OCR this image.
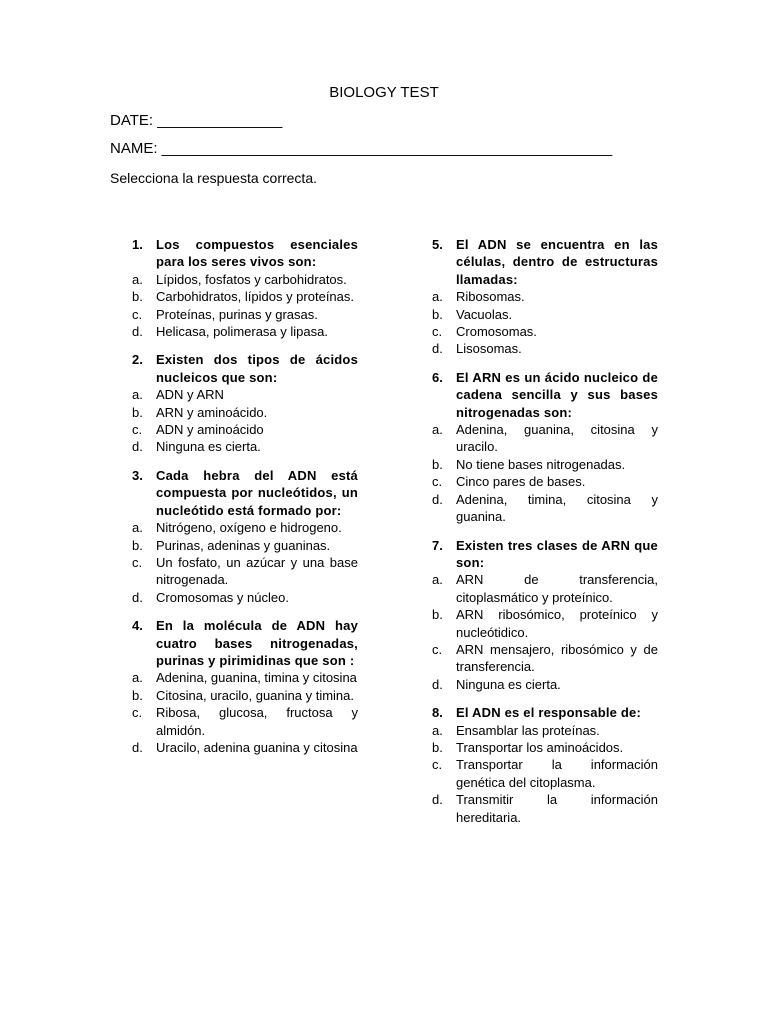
BIOLOGY TEST
DATE: _______________
NAME: ______________________________________________________
Selecciona la respuesta correcta.
1. Los compuestos esenciales para los seres vivos son:
a. Lípidos, fosfatos y carbohidratos.
b. Carbohidratos, lípidos y proteínas.
c. Proteínas, purinas y grasas.
d. Helicasa, polimerasa y lipasa.
2. Existen dos tipos de ácidos nucleicos que son:
a. ADN y ARN
b. ARN y aminoácido.
c. ADN y aminoácido
d. Ninguna es cierta.
3. Cada hebra del ADN está compuesta por nucleótidos, un nucleótido está formado por:
a. Nitrógeno, oxígeno e hidrogeno.
b. Purinas, adeninas y guaninas.
c. Un fosfato, un azúcar y una base nitrogenada.
d. Cromosomas y núcleo.
4. En la molécula de ADN hay cuatro bases nitrogenadas, purinas y pirimidinas que son :
a. Adenina, guanina, timina y citosina
b. Citosina, uracilo, guanina y timina.
c. Ribosa, glucosa, fructosa y almidón.
d. Uracilo, adenina guanina y citosina
5. El ADN se encuentra en las células, dentro de estructuras llamadas:
a. Ribosomas.
b. Vacuolas.
c. Cromosomas.
d. Lisosomas.
6. El ARN es un ácido nucleico de cadena sencilla y sus bases nitrogenadas son:
a. Adenina, guanina, citosina y uracilo.
b. No tiene bases nitrogenadas.
c. Cinco pares de bases.
d. Adenina, timina, citosina y guanina.
7. Existen tres clases de ARN que son:
a. ARN de transferencia, citoplasmático y proteínico.
b. ARN ribosómico, proteínico y nucleótidico.
c. ARN mensajero, ribosómico y de transferencia.
d. Ninguna es cierta.
8. El ADN es el responsable de:
a. Ensamblar las proteínas.
b. Transportar los aminoácidos.
c. Transportar la información genética del citoplasma.
d. Transmitir la información hereditaria.
